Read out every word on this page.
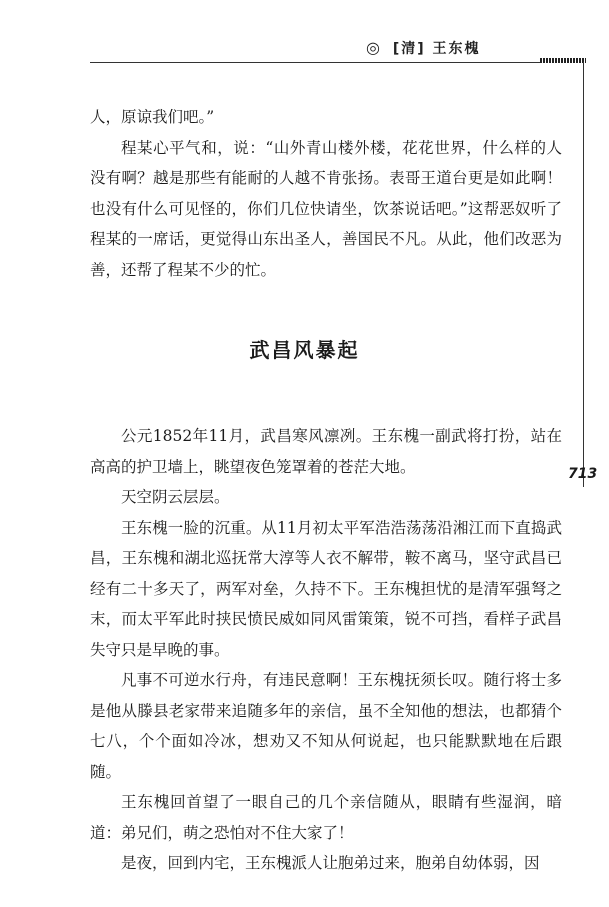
◎ [清] 王东槐
713

人，原谅我们吧。”

程某心平气和，说：“山外青山楼外楼，花花世界，什么样的人没有啊？越是那些有能耐的人越不肯张扬。表哥王道台更是如此啊！也没有什么可见怪的，你们几位快请坐，饮茶说话吧。”这帮恶奴听了程某的一席话，更觉得山东出圣人，善国民不凡。从此，他们改恶为善，还帮了程某不少的忙。

武昌风暴起

公元1852年11月，武昌寒风凛冽。王东槐一副武将打扮，站在高高的护卫墙上，眺望夜色笼罩着的苍茫大地。

天空阴云层层。

王东槐一脸的沉重。从11月初太平军浩浩荡荡沿湘江而下直捣武昌，王东槐和湖北巡抚常大淳等人衣不解带，鞍不离马，坚守武昌已经有二十多天了，两军对垒，久持不下。王东槐担忧的是清军强弩之末，而太平军此时挟民愤民威如同风雷策策，锐不可挡，看样子武昌失守只是早晚的事。

凡事不可逆水行舟，有违民意啊！王东槐抚须长叹。随行将士多是他从滕县老家带来追随多年的亲信，虽不全知他的想法，也都猜个七八，个个面如冷冰，想劝又不知从何说起，也只能默默地在后跟随。

王东槐回首望了一眼自己的几个亲信随从，眼睛有些湿润，暗道：弟兄们，萌之恐怕对不住大家了！

是夜，回到内宅，王东槐派人让胞弟过来，胞弟自幼体弱，因
